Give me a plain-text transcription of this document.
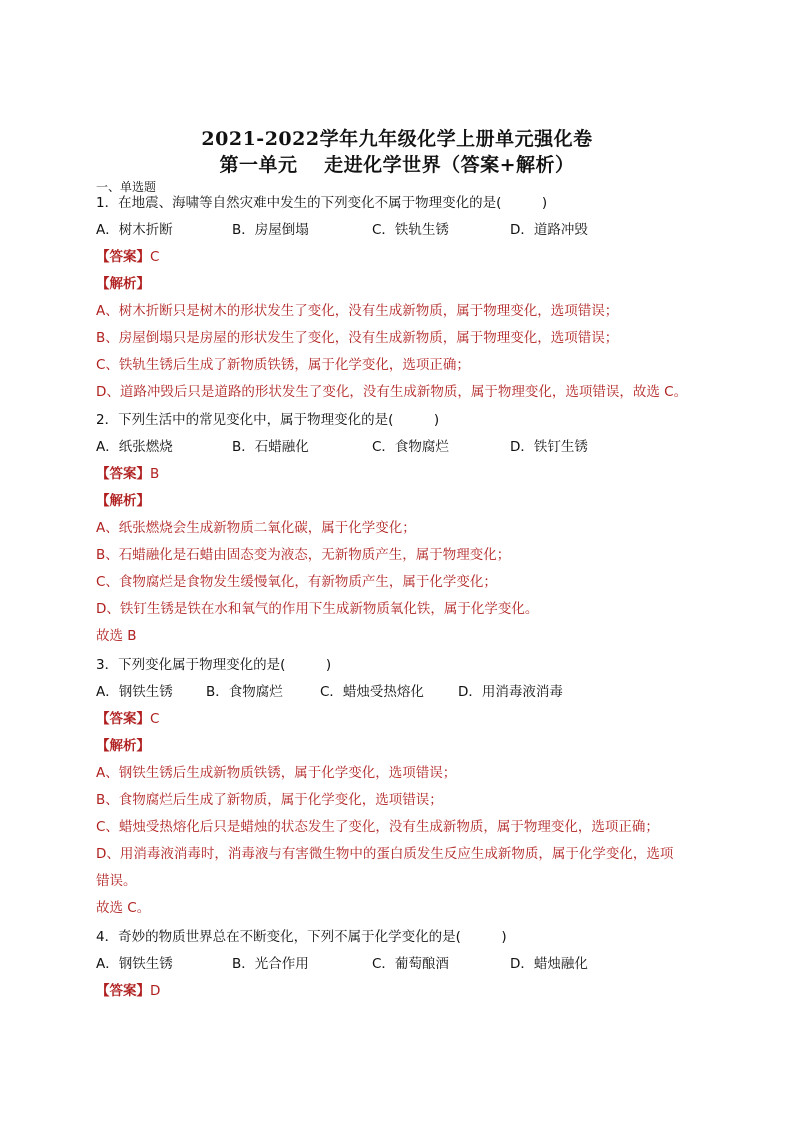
2021-2022学年九年级化学上册单元强化卷
第一单元　 走进化学世界（答案+解析）
一、单选题
1．在地震、海啸等自然灾难中发生的下列变化不属于物理变化的是(　　　)
A．树木折断	B．房屋倒塌	C．铁轨生锈	D．道路冲毁
【答案】C
【解析】
A、树木折断只是树木的形状发生了变化，没有生成新物质，属于物理变化，选项错误；
B、房屋倒塌只是房屋的形状发生了变化，没有生成新物质，属于物理变化，选项错误；
C、铁轨生锈后生成了新物质铁锈，属于化学变化，选项正确；
D、道路冲毁后只是道路的形状发生了变化，没有生成新物质，属于物理变化，选项错误，故选 C。
2．下列生活中的常见变化中，属于物理变化的是(　　　)
A．纸张燃烧	B．石蜡融化	C．食物腐烂	D．铁钉生锈
【答案】B
【解析】
A、纸张燃烧会生成新物质二氧化碳，属于化学变化；
B、石蜡融化是石蜡由固态变为液态，无新物质产生，属于物理变化；
C、食物腐烂是食物发生缓慢氧化，有新物质产生，属于化学变化；
D、铁钉生锈是铁在水和氧气的作用下生成新物质氧化铁，属于化学变化。
故选 B
3．下列变化属于物理变化的是(　　　)
A．钢铁生锈 B．食物腐烂	C．蜡烛受热熔化	D．用消毒液消毒
【答案】C
【解析】
A、钢铁生锈后生成新物质铁锈，属于化学变化，选项错误；
B、食物腐烂后生成了新物质，属于化学变化，选项错误；
C、蜡烛受热熔化后只是蜡烛的状态发生了变化，没有生成新物质，属于物理变化，选项正确；
D、用消毒液消毒时，消毒液与有害微生物中的蛋白质发生反应生成新物质，属于化学变化，选项
错误。
故选 C。
4．奇妙的物质世界总在不断变化，下列不属于化学变化的是(　　　)
A．钢铁生锈	B．光合作用	C．葡萄酿酒	D．蜡烛融化
【答案】D
